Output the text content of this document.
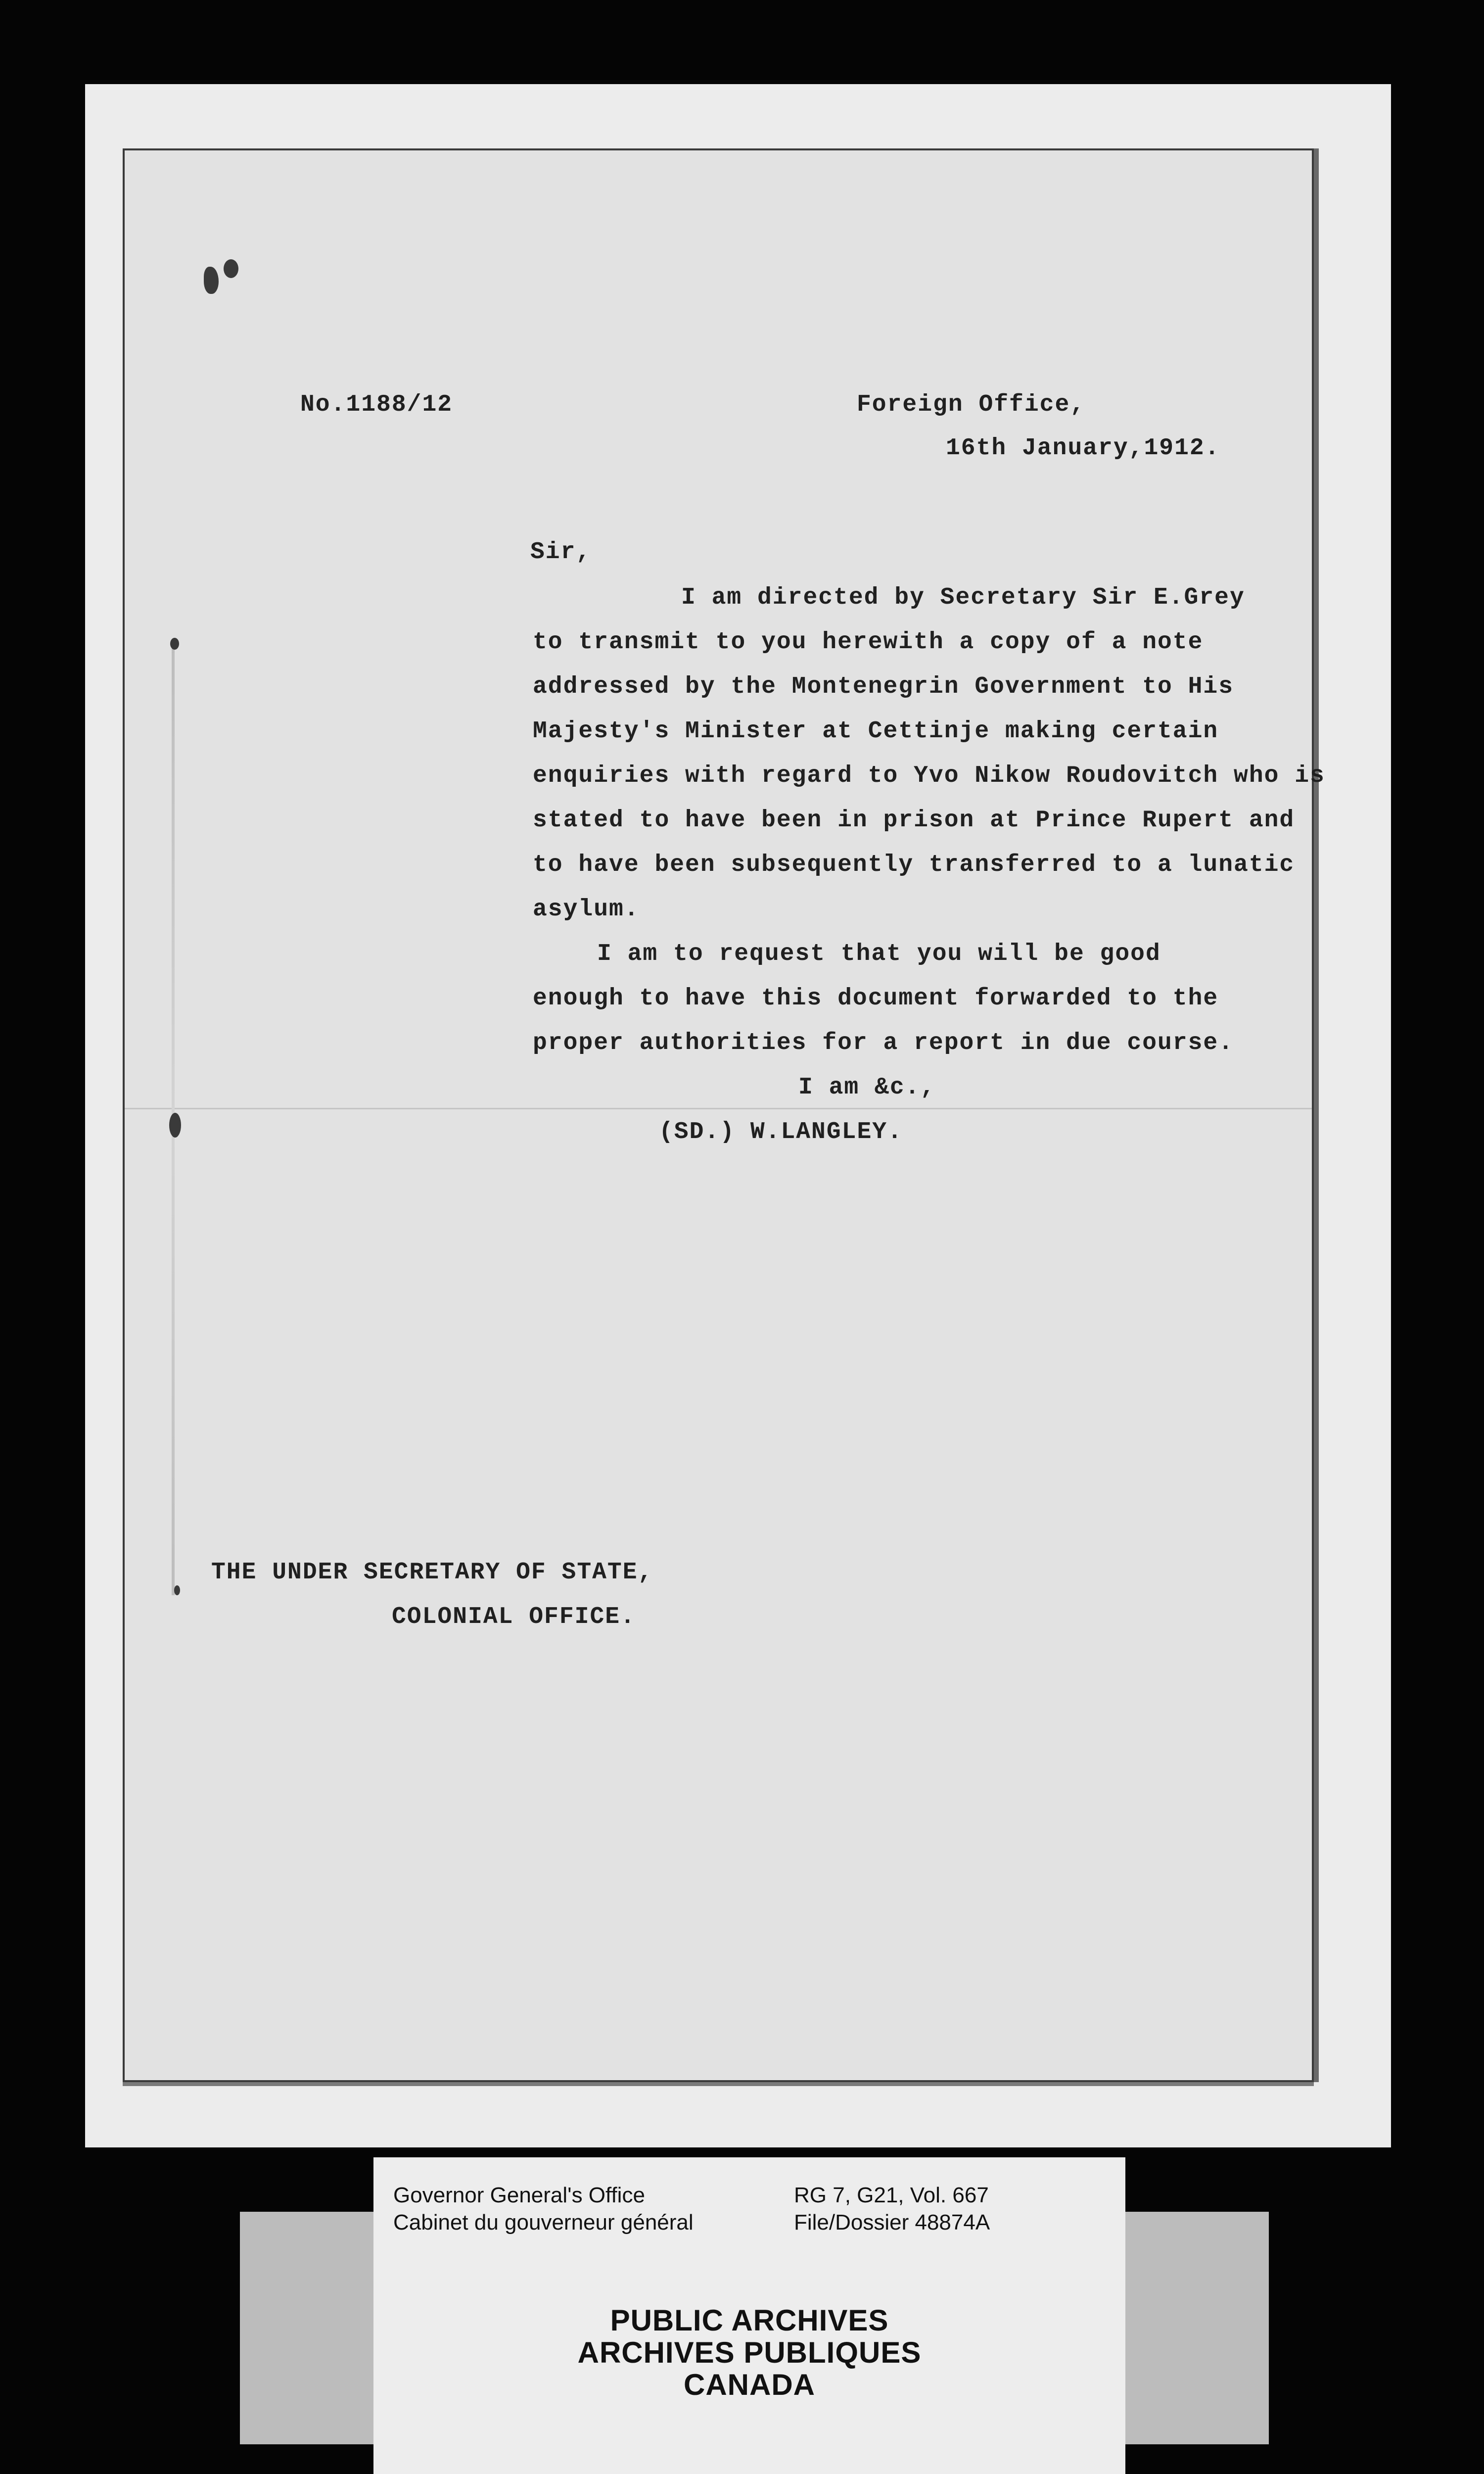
No.1188/12	Foreign Office,
16th January,1912.
Sir,
I am directed by Secretary Sir E.Grey
to transmit to you herewith a copy of a note
addressed by the Montenegrin Government to His
Majesty's Minister at Cettinje making certain
enquiries with regard to Yvo Nikow Roudovitch who is
stated to have been in prison at Prince Rupert and
to have been subsequently transferred to a lunatic
asylum.
I am to request that you will be good
enough to have this document forwarded to the
proper authorities for a report in due course.
I am &c.,
(SD.) W.LANGLEY.
THE UNDER SECRETARY OF STATE,
COLONIAL OFFICE.
Governor General's Office
Cabinet du gouverneur général
RG 7, G21, Vol. 667
File/Dossier 48874A
PUBLIC ARCHIVES
ARCHIVES PUBLIQUES
CANADA
